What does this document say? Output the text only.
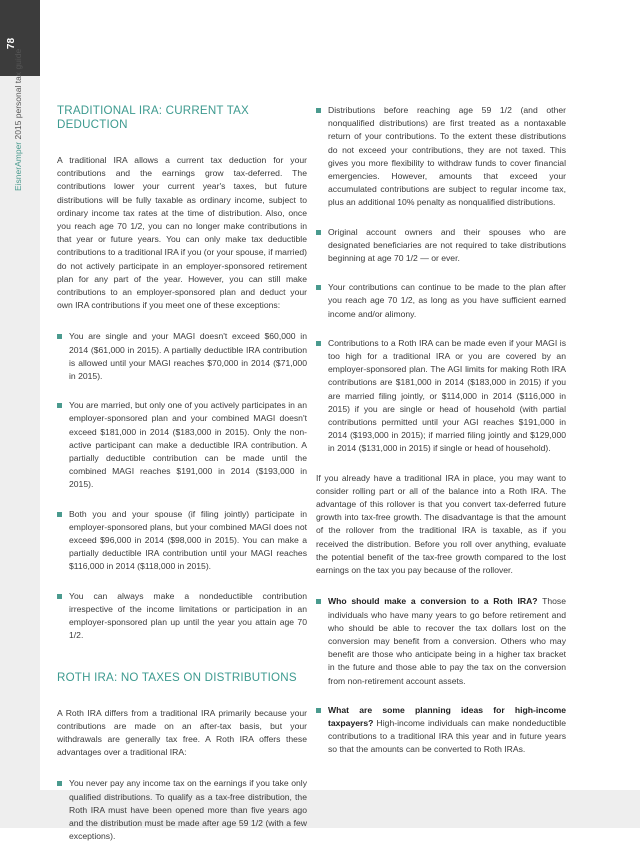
78
EisnerAmper 2015 personal tax guide	TRADITIONAL IRA: CURRENT TAX DEDUCTION

A traditional IRA allows a current tax deduction for your contributions and the earnings grow tax-deferred. The contributions lower your current year's taxes, but future distributions will be fully taxable as ordinary income, subject to ordinary income tax rates at the time of distribution. Also, once you reach age 70 1/2, you can no longer make contributions in that year or future years. You can only make tax deductible contributions to a traditional IRA if you (or your spouse, if married) do not actively participate in an employer-sponsored retirement plan for any part of the year. However, you can still make contributions to an employer-sponsored plan and deduct your own IRA contributions if you meet one of these exceptions:

You are single and your MAGI doesn't exceed $60,000 in 2014 ($61,000 in 2015). A partially deductible IRA contribution is allowed until your MAGI reaches $70,000 in 2014 ($71,000 in 2015).
You are married, but only one of you actively participates in an employer-sponsored plan and your combined MAGI doesn't exceed $181,000 in 2014 ($183,000 in 2015). Only the non-active participant can make a deductible IRA contribution. A partially deductible contribution can be made until the combined MAGI reaches $191,000 in 2014 ($193,000 in 2015).
Both you and your spouse (if filing jointly) participate in employer-sponsored plans, but your combined MAGI does not exceed $96,000 in 2014 ($98,000 in 2015). You can make a partially deductible IRA contribution until your MAGI reaches $116,000 in 2014 ($118,000 in 2015).
You can always make a nondeductible contribution irrespective of the income limitations or participation in an employer-sponsored plan up until the year you attain age 70 1/2.
ROTH IRA: NO TAXES ON DISTRIBUTIONS

A Roth IRA differs from a traditional IRA primarily because your contributions are made on an after-tax basis, but your withdrawals are generally tax free. A Roth IRA offers these advantages over a traditional IRA:

You never pay any income tax on the earnings if you take only qualified distributions. To qualify as a tax-free distribution, the Roth IRA must have been opened more than five years ago and the distribution must be made after age 59 1/2 (with a few exceptions).
Distributions before reaching age 59 1/2 (and other nonqualified distributions) are first treated as a nontaxable return of your contributions. To the extent these distributions do not exceed your contributions, they are not taxed. This gives you more flexibility to withdraw funds to cover financial emergencies. However, amounts that exceed your accumulated contributions are subject to regular income tax, plus an additional 10% penalty as nonqualified distributions.
Original account owners and their spouses who are designated beneficiaries are not required to take distributions beginning at age 70 1/2 — or ever.
Your contributions can continue to be made to the plan after you reach age 70 1/2, as long as you have sufficient earned income and/or alimony.
Contributions to a Roth IRA can be made even if your MAGI is too high for a traditional IRA or you are covered by an employer-sponsored plan. The AGI limits for making Roth IRA contributions are $181,000 in 2014 ($183,000 in 2015) if you are married filing jointly, or $114,000 in 2014 ($116,000 in 2015) if you are single or head of household (with partial contributions permitted until your AGI reaches $191,000 in 2014 ($193,000 in 2015); if married filing jointly and $129,000 in 2014 ($131,000 in 2015) if single or head of household).

If you already have a traditional IRA in place, you may want to consider rolling part or all of the balance into a Roth IRA. The advantage of this rollover is that you convert tax-deferred future growth into tax-free growth. The disadvantage is that the amount of the rollover from the traditional IRA is taxable, as if you received the distribution. Before you roll over anything, evaluate the potential benefit of the tax-free growth compared to the lost earnings on the tax you pay because of the rollover.

Who should make a conversion to a Roth IRA? Those individuals who have many years to go before retirement and who should be able to recover the tax dollars lost on the conversion may benefit from a conversion. Others who may benefit are those who anticipate being in a higher tax bracket in the future and those able to pay the tax on the conversion from non-retirement account assets.
What are some planning ideas for high-income taxpayers? High-income individuals can make nondeductible contributions to a traditional IRA this year and in future years so that the amounts can be converted to Roth IRAs.
